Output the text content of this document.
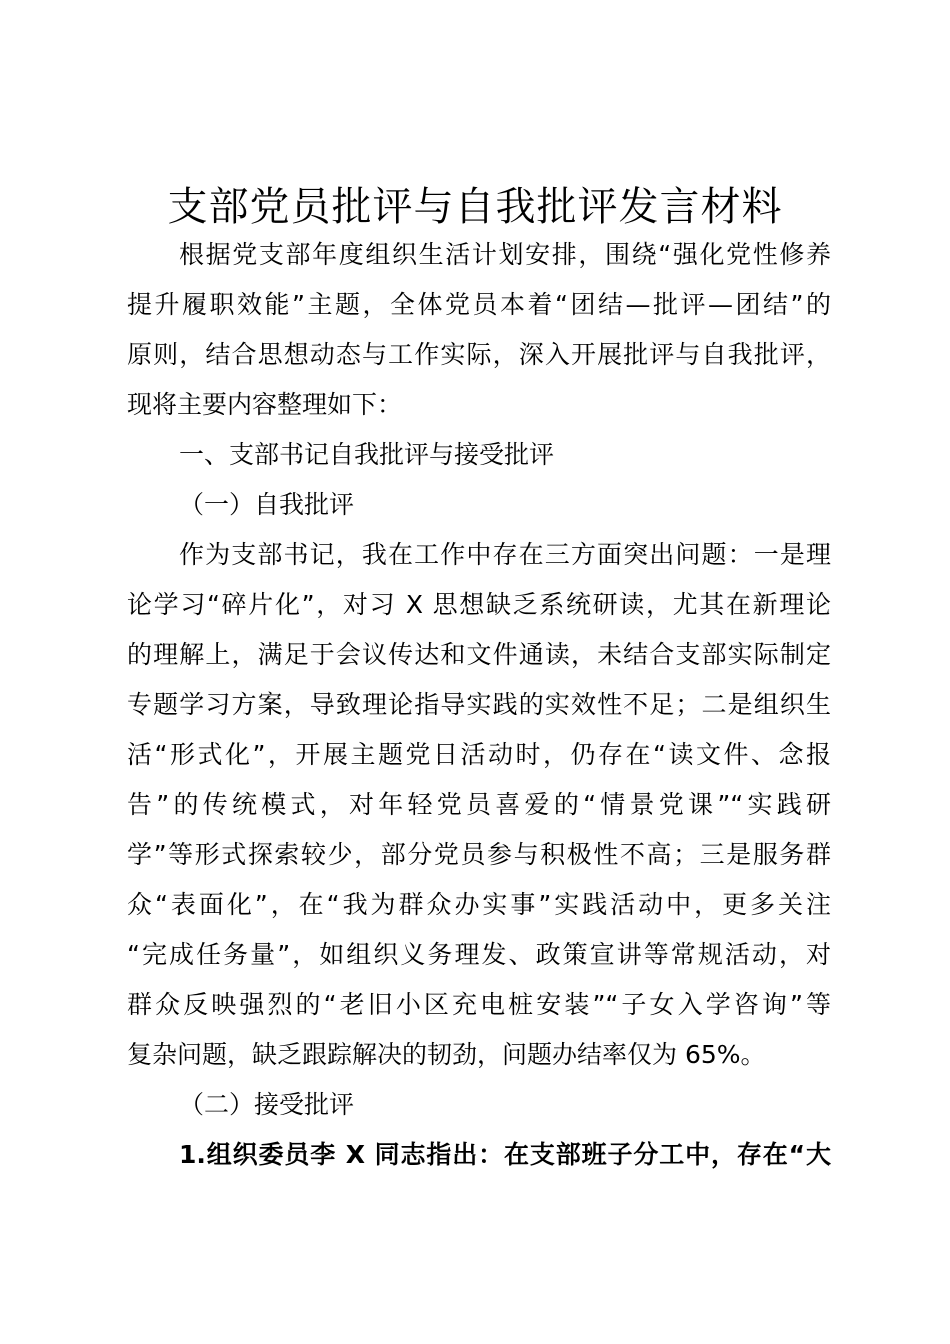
支部党员批评与自我批评发言材料
根据党支部年度组织生活计划安排，围绕“强化党性修养
提升履职效能”主题，全体党员本着“团结—批评—团结”的
原则，结合思想动态与工作实际，深入开展批评与自我批评，
现将主要内容整理如下：
一、支部书记自我批评与接受批评
（一）自我批评
作为支部书记，我在工作中存在三方面突出问题：一是理
论学习“碎片化”，对习 X 思想缺乏系统研读，尤其在新理论
的理解上，满足于会议传达和文件通读，未结合支部实际制定
专题学习方案，导致理论指导实践的实效性不足；二是组织生
活“形式化”，开展主题党日活动时，仍存在“读文件、念报
告”的传统模式，对年轻党员喜爱的“情景党课”“实践研
学”等形式探索较少，部分党员参与积极性不高；三是服务群
众“表面化”，在“我为群众办实事”实践活动中，更多关注
“完成任务量”，如组织义务理发、政策宣讲等常规活动，对
群众反映强烈的“老旧小区充电桩安装”“子女入学咨询”等
复杂问题，缺乏跟踪解决的韧劲，问题办结率仅为 65%。
（二）接受批评
1.组织委员李 X 同志指出：在支部班子分工中，存在“大
